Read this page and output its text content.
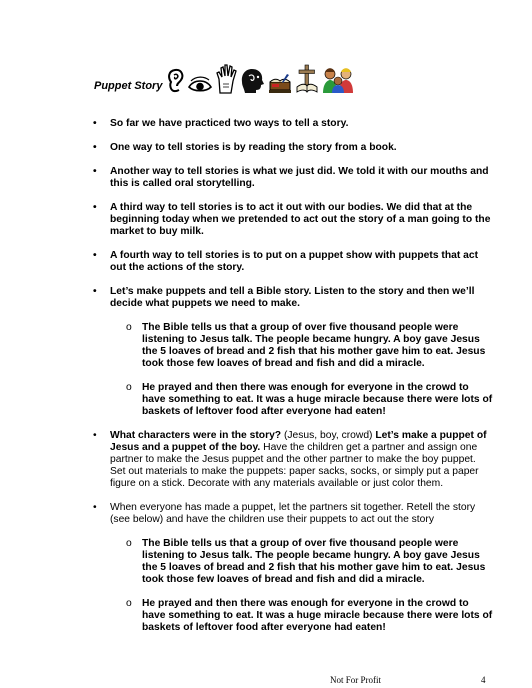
Puppet Story
•	So far we have practiced two ways to tell a story.
•	One way to tell stories is by reading the story from a book.
•	Another way to tell stories is what we just did. We told it with our mouths and this is called oral storytelling.
•	A third way to tell stories is to act it out with our bodies. We did that at the beginning today when we pretended to act out the story of a man going to the market to buy milk.
•	A fourth way to tell stories is to put on a puppet show with puppets that act out the actions of the story.
•	Let’s make puppets and tell a Bible story. Listen to the story and then we’ll decide what puppets we need to make.
o The Bible tells us that a group of over five thousand people were listening to Jesus talk. The people became hungry. A boy gave Jesus the 5 loaves of bread and 2 fish that his mother gave him to eat. Jesus took those few loaves of bread and fish and did a miracle.
o He prayed and then there was enough for everyone in the crowd to have something to eat. It was a huge miracle because there were lots of baskets of leftover food after everyone had eaten!
•	What characters were in the story? (Jesus, boy, crowd) Let’s make a puppet of Jesus and a puppet of the boy. Have the children get a partner and assign one partner to make the Jesus puppet and the other partner to make the boy puppet. Set out materials to make the puppets: paper sacks, socks, or simply put a paper figure on a stick. Decorate with any materials available or just color them.
•	When everyone has made a puppet, let the partners sit together. Retell the story (see below) and have the children use their puppets to act out the story
o The Bible tells us that a group of over five thousand people were listening to Jesus talk. The people became hungry. A boy gave Jesus the 5 loaves of bread and 2 fish that his mother gave him to eat. Jesus took those few loaves of bread and fish and did a miracle.
o He prayed and then there was enough for everyone in the crowd to have something to eat. It was a huge miracle because there were lots of baskets of leftover food after everyone had eaten!
Not For Profit	4
